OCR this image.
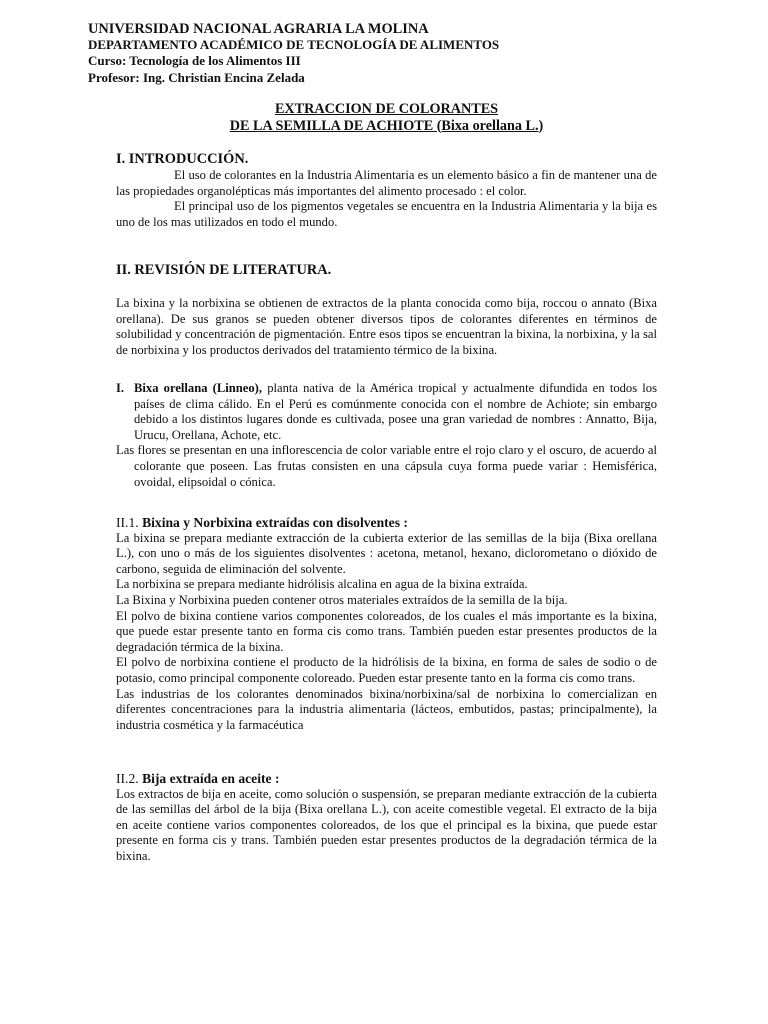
UNIVERSIDAD NACIONAL AGRARIA LA MOLINA
DEPARTAMENTO ACADÉMICO DE TECNOLOGÍA DE ALIMENTOS
Curso: Tecnología de los Alimentos III
Profesor: Ing. Christian Encina Zelada
EXTRACCION DE COLORANTES
DE LA SEMILLA DE ACHIOTE (Bixa orellana L.)
I. INTRODUCCIÓN.

El uso de colorantes en la Industria Alimentaria es un elemento básico a fin de mantener una de las propiedades organolépticas más importantes del alimento procesado : el color.

El principal uso de los pigmentos vegetales se encuentra en la Industria Alimentaria y la bija es uno de los mas utilizados en todo el mundo.

II. REVISIÓN DE LITERATURA.
La bixina y la norbixina se obtienen de extractos de la planta conocida como bija, roccou o annato (Bixa orellana). De sus granos se pueden obtener diversos tipos de colorantes diferentes en términos de solubilidad y concentración de pigmentación. Entre esos tipos se encuentran la bixina, la norbixina, y la sal de norbixina y los productos derivados del tratamiento térmico de la bixina.
I. Bixa orellana (Linneo), planta nativa de la América tropical y actualmente difundida en todos los países de clima cálido. En el Perú es comúnmente conocida con el nombre de Achiote; sin embargo debido a los distintos lugares donde es cultivada, posee una gran variedad de nombres : Annatto, Bija, Urucu, Orellana, Achote, etc.

Las flores se presentan en una inflorescencia de color variable entre el rojo claro y el oscuro, de acuerdo al colorante que poseen. Las frutas consisten en una cápsula cuya forma puede variar : Hemisférica, ovoidal, elipsoidal o cónica.

II.1. Bixina y Norbixina extraídas con disolventes :

La bixina se prepara mediante extracción de la cubierta exterior de las semillas de la bija (Bixa orellana L.), con uno o más de los siguientes disolventes : acetona, metanol, hexano, diclorometano o dióxido de carbono, seguida de eliminación del solvente.

La norbixina se prepara mediante hidrólisis alcalina en agua de la bixina extraída.

La Bixina y Norbixina pueden contener otros materiales extraídos de la semilla de la bija.

El polvo de bixina contiene varios componentes coloreados, de los cuales el más importante es la bixina, que puede estar presente tanto en forma cis como trans. También pueden estar presentes productos de la degradación térmica de la bixina.

El polvo de norbixina contiene el producto de la hidrólisis de la bixina, en forma de sales de sodio o de potasio, como principal componente coloreado. Pueden estar presente tanto en la forma cis como trans.

Las industrias de los colorantes denominados bixina/norbixina/sal de norbixina lo comercializan en diferentes concentraciones para la industria alimentaria (lácteos, embutidos, pastas; principalmente), la industria cosmética y la farmacéutica

II.2. Bija extraída en aceite :

Los extractos de bija en aceite, como solución o suspensión, se preparan mediante extracción de la cubierta de las semillas del árbol de la bija (Bixa orellana L.), con aceite comestible vegetal. El extracto de la bija en aceite contiene varios componentes coloreados, de los que el principal es la bixina, que puede estar presente en forma cis y trans. También pueden estar presentes productos de la degradación térmica de la bixina.
